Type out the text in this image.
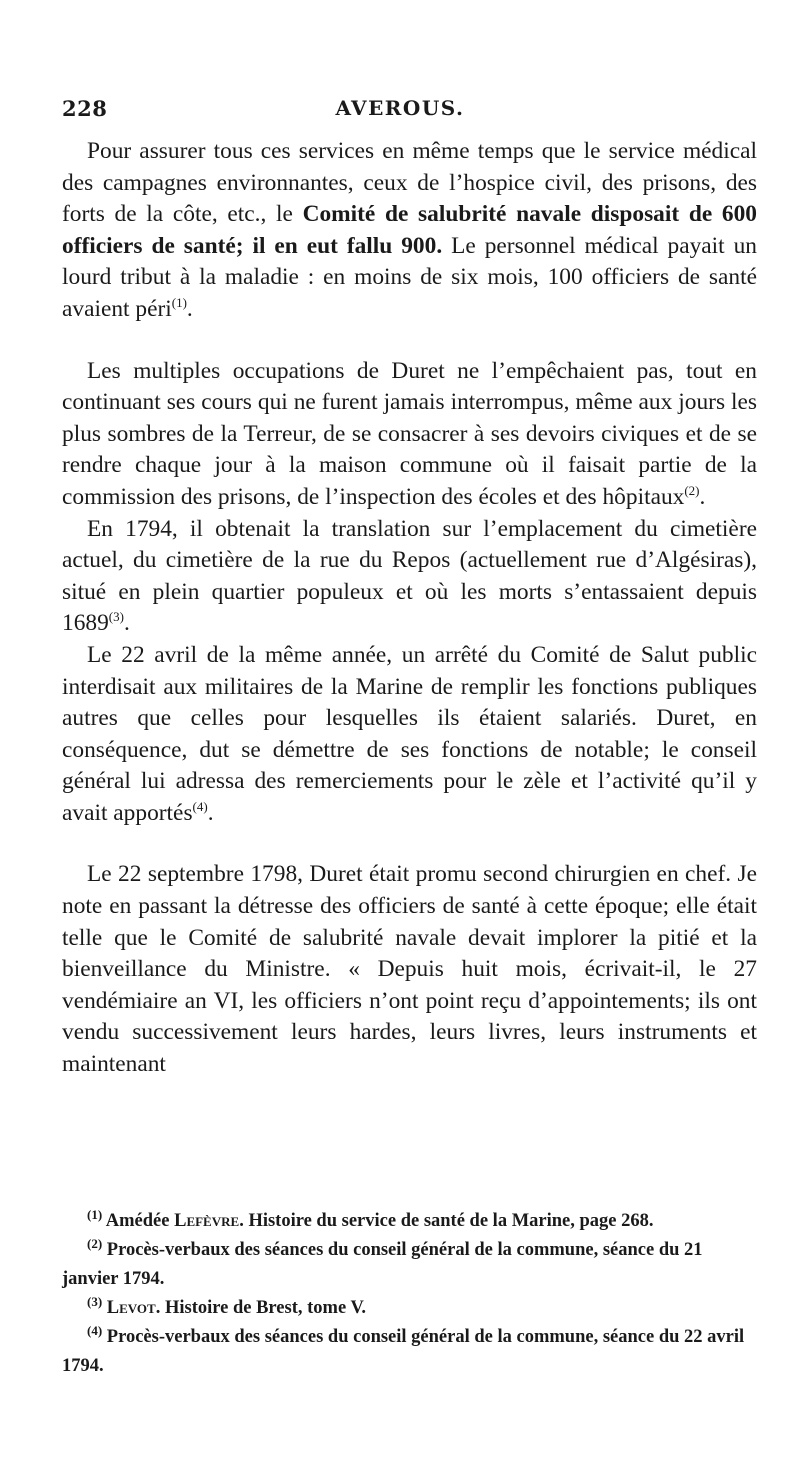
228	AVEROUS.

Pour assurer tous ces services en même temps que le service médical des campagnes environnantes, ceux de l’hospice civil, des prisons, des forts de la côte, etc., le Comité de salubrité navale disposait de 600 officiers de santé; il en eut fallu 900. Le personnel médical payait un lourd tribut à la maladie : en moins de six mois, 100 officiers de santé avaient péri$^{(1)}$.

Les multiples occupations de Duret ne l’empêchaient pas, tout en continuant ses cours qui ne furent jamais interrompus, même aux jours les plus sombres de la Terreur, de se consacrer à ses devoirs civiques et de se rendre chaque jour à la maison commune où il faisait partie de la commission des prisons, de l’inspection des écoles et des hôpitaux$^{(2)}$.

En 1794, il obtenait la translation sur l’emplacement du cimetière actuel, du cimetière de la rue du Repos (actuellement rue d’Algésiras), situé en plein quartier populeux et où les morts s’entassaient depuis 1689$^{(3)}$.

Le 22 avril de la même année, un arrêté du Comité de Salut public interdisait aux militaires de la Marine de remplir les fonctions publiques autres que celles pour lesquelles ils étaient salariés. Duret, en conséquence, dut se démettre de ses fonctions de notable; le conseil général lui adressa des remerciements pour le zèle et l’activité qu’il y avait apportés$^{(4)}$.

Le 22 septembre 1798, Duret était promu second chirurgien en chef. Je note en passant la détresse des officiers de santé à cette époque; elle était telle que le Comité de salubrité navale devait implorer la pitié et la bienveillance du Ministre. « Depuis huit mois, écrivait-il, le 27 vendémiaire an VI, les officiers n’ont point reçu d’appointements; ils ont vendu successivement leurs hardes, leurs livres, leurs instruments et maintenant

$^{(1)}$ Amédée Lefèvre. Histoire du service de santé de la Marine, page 268.

$^{(2)}$ Procès-verbaux des séances du conseil général de la commune, séance du 21 janvier 1794.

$^{(3)}$ Levot. Histoire de Brest, tome V.

$^{(4)}$ Procès-verbaux des séances du conseil général de la commune, séance du 22 avril 1794.
